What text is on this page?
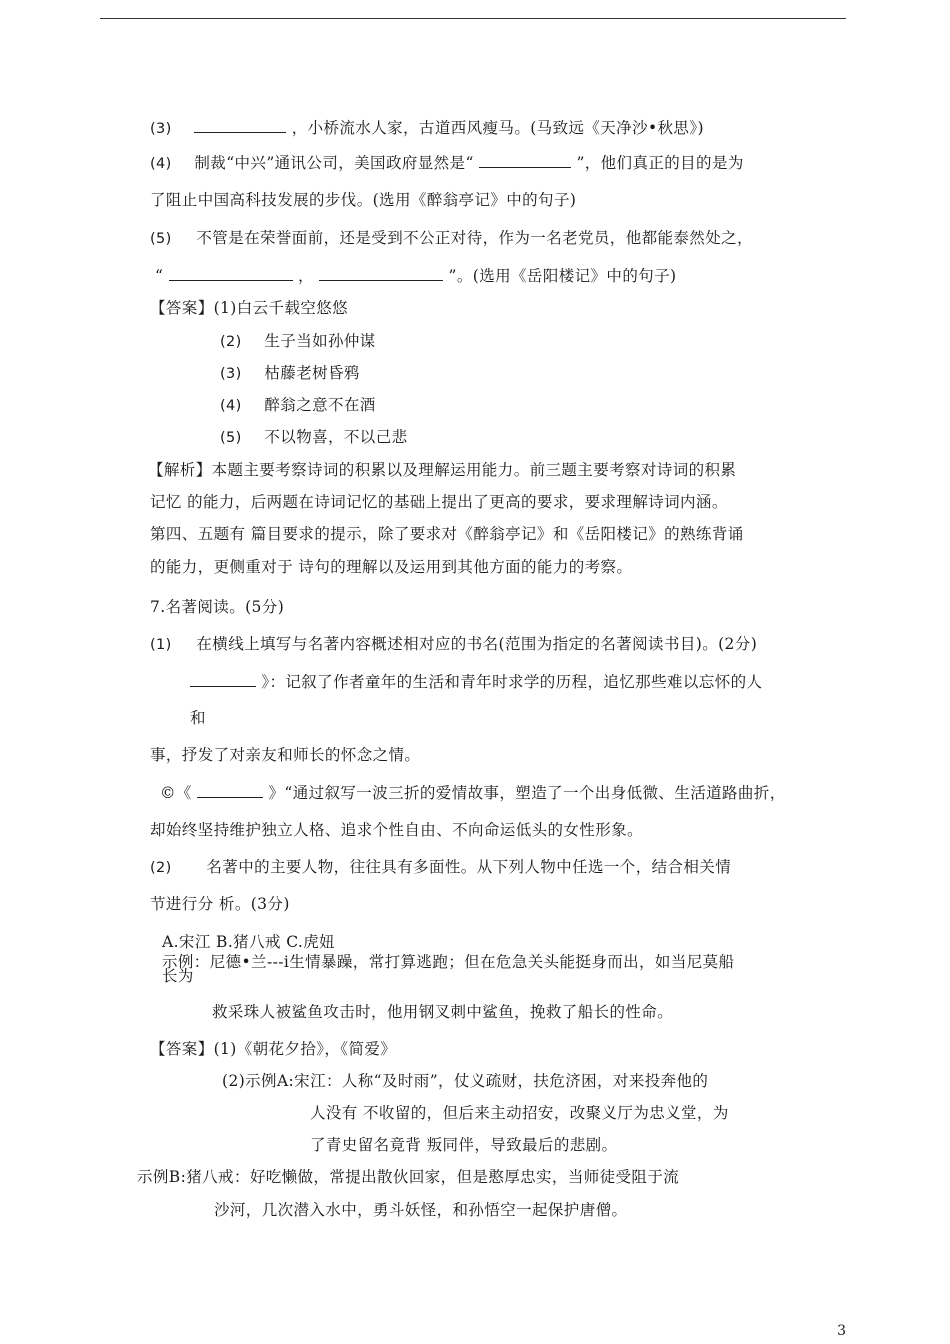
(3)	，小桥流水人家，古道西风瘦马。(马致远《天净沙•秋思》)
(4) 制裁“中兴”通讯公司，美国政府显然是“	”，他们真正的目的是为
了阻止中国高科技发展的步伐。(选用《醉翁亭记》中的句子)
(5) 不管是在荣誉面前，还是受到不公正对待，作为一名老党员，他都能泰然处之，
“	，	”。(选用《岳阳楼记》中的句子)
【答案】(1)白云千载空悠悠
(2) 生子当如孙仲谋
(3) 枯藤老树昏鸦
(4) 醉翁之意不在酒
(5) 不以物喜，不以己悲
【解析】本题主要考察诗词的积累以及理解运用能力。前三题主要考察对诗词的积累
记忆 的能力，后两题在诗词记忆的基础上提出了更高的要求，要求理解诗词内涵。
第四、五题有 篇目要求的提示，除了要求对《醉翁亭记》和《岳阳楼记》的熟练背诵
的能力，更侧重对于 诗句的理解以及运用到其他方面的能力的考察。
7.名著阅读。(5分)
(1) 在横线上填写与名著内容概述相对应的书名(范围为指定的名著阅读书目)。(2分)
》：记叙了作者童年的生活和青年时求学的历程，追忆那些难以忘怀的人
和
事，抒发了对亲友和师长的怀念之情。
©《	》“通过叙写一波三折的爱情故事，塑造了一个出身低微、生活道路曲折，
却始终坚持维护独立人格、追求个性自由、不向命运低头的女性形象。
(2) 名著中的主要人物，往往具有多面性。从下列人物中任选一个，结合相关情
节进行分 析。(3分)
A.宋江 B.猪八戒 C.虎妞
示例：尼德•兰---i生情暴躁，常打算逃跑；但在危急关头能挺身而出，如当尼莫船
长为
救采珠人被鲨鱼攻击时，他用钢叉刺中鲨鱼，挽救了船长的性命。
【答案】(1)《朝花夕拾》，《简爱》
(2)示例A:宋江：人称“及时雨”，仗义疏财，扶危济困，对来投奔他的
人没有 不收留的，但后来主动招安，改聚义厅为忠义堂，为
了青史留名竟背 叛同伴，导致最后的悲剧。
示例B:猪八戒：好吃懒做，常提出散伙回家，但是憨厚忠实，当师徒受阻于流
沙河，几次潜入水中，勇斗妖怪，和孙悟空一起保护唐僧。
3
